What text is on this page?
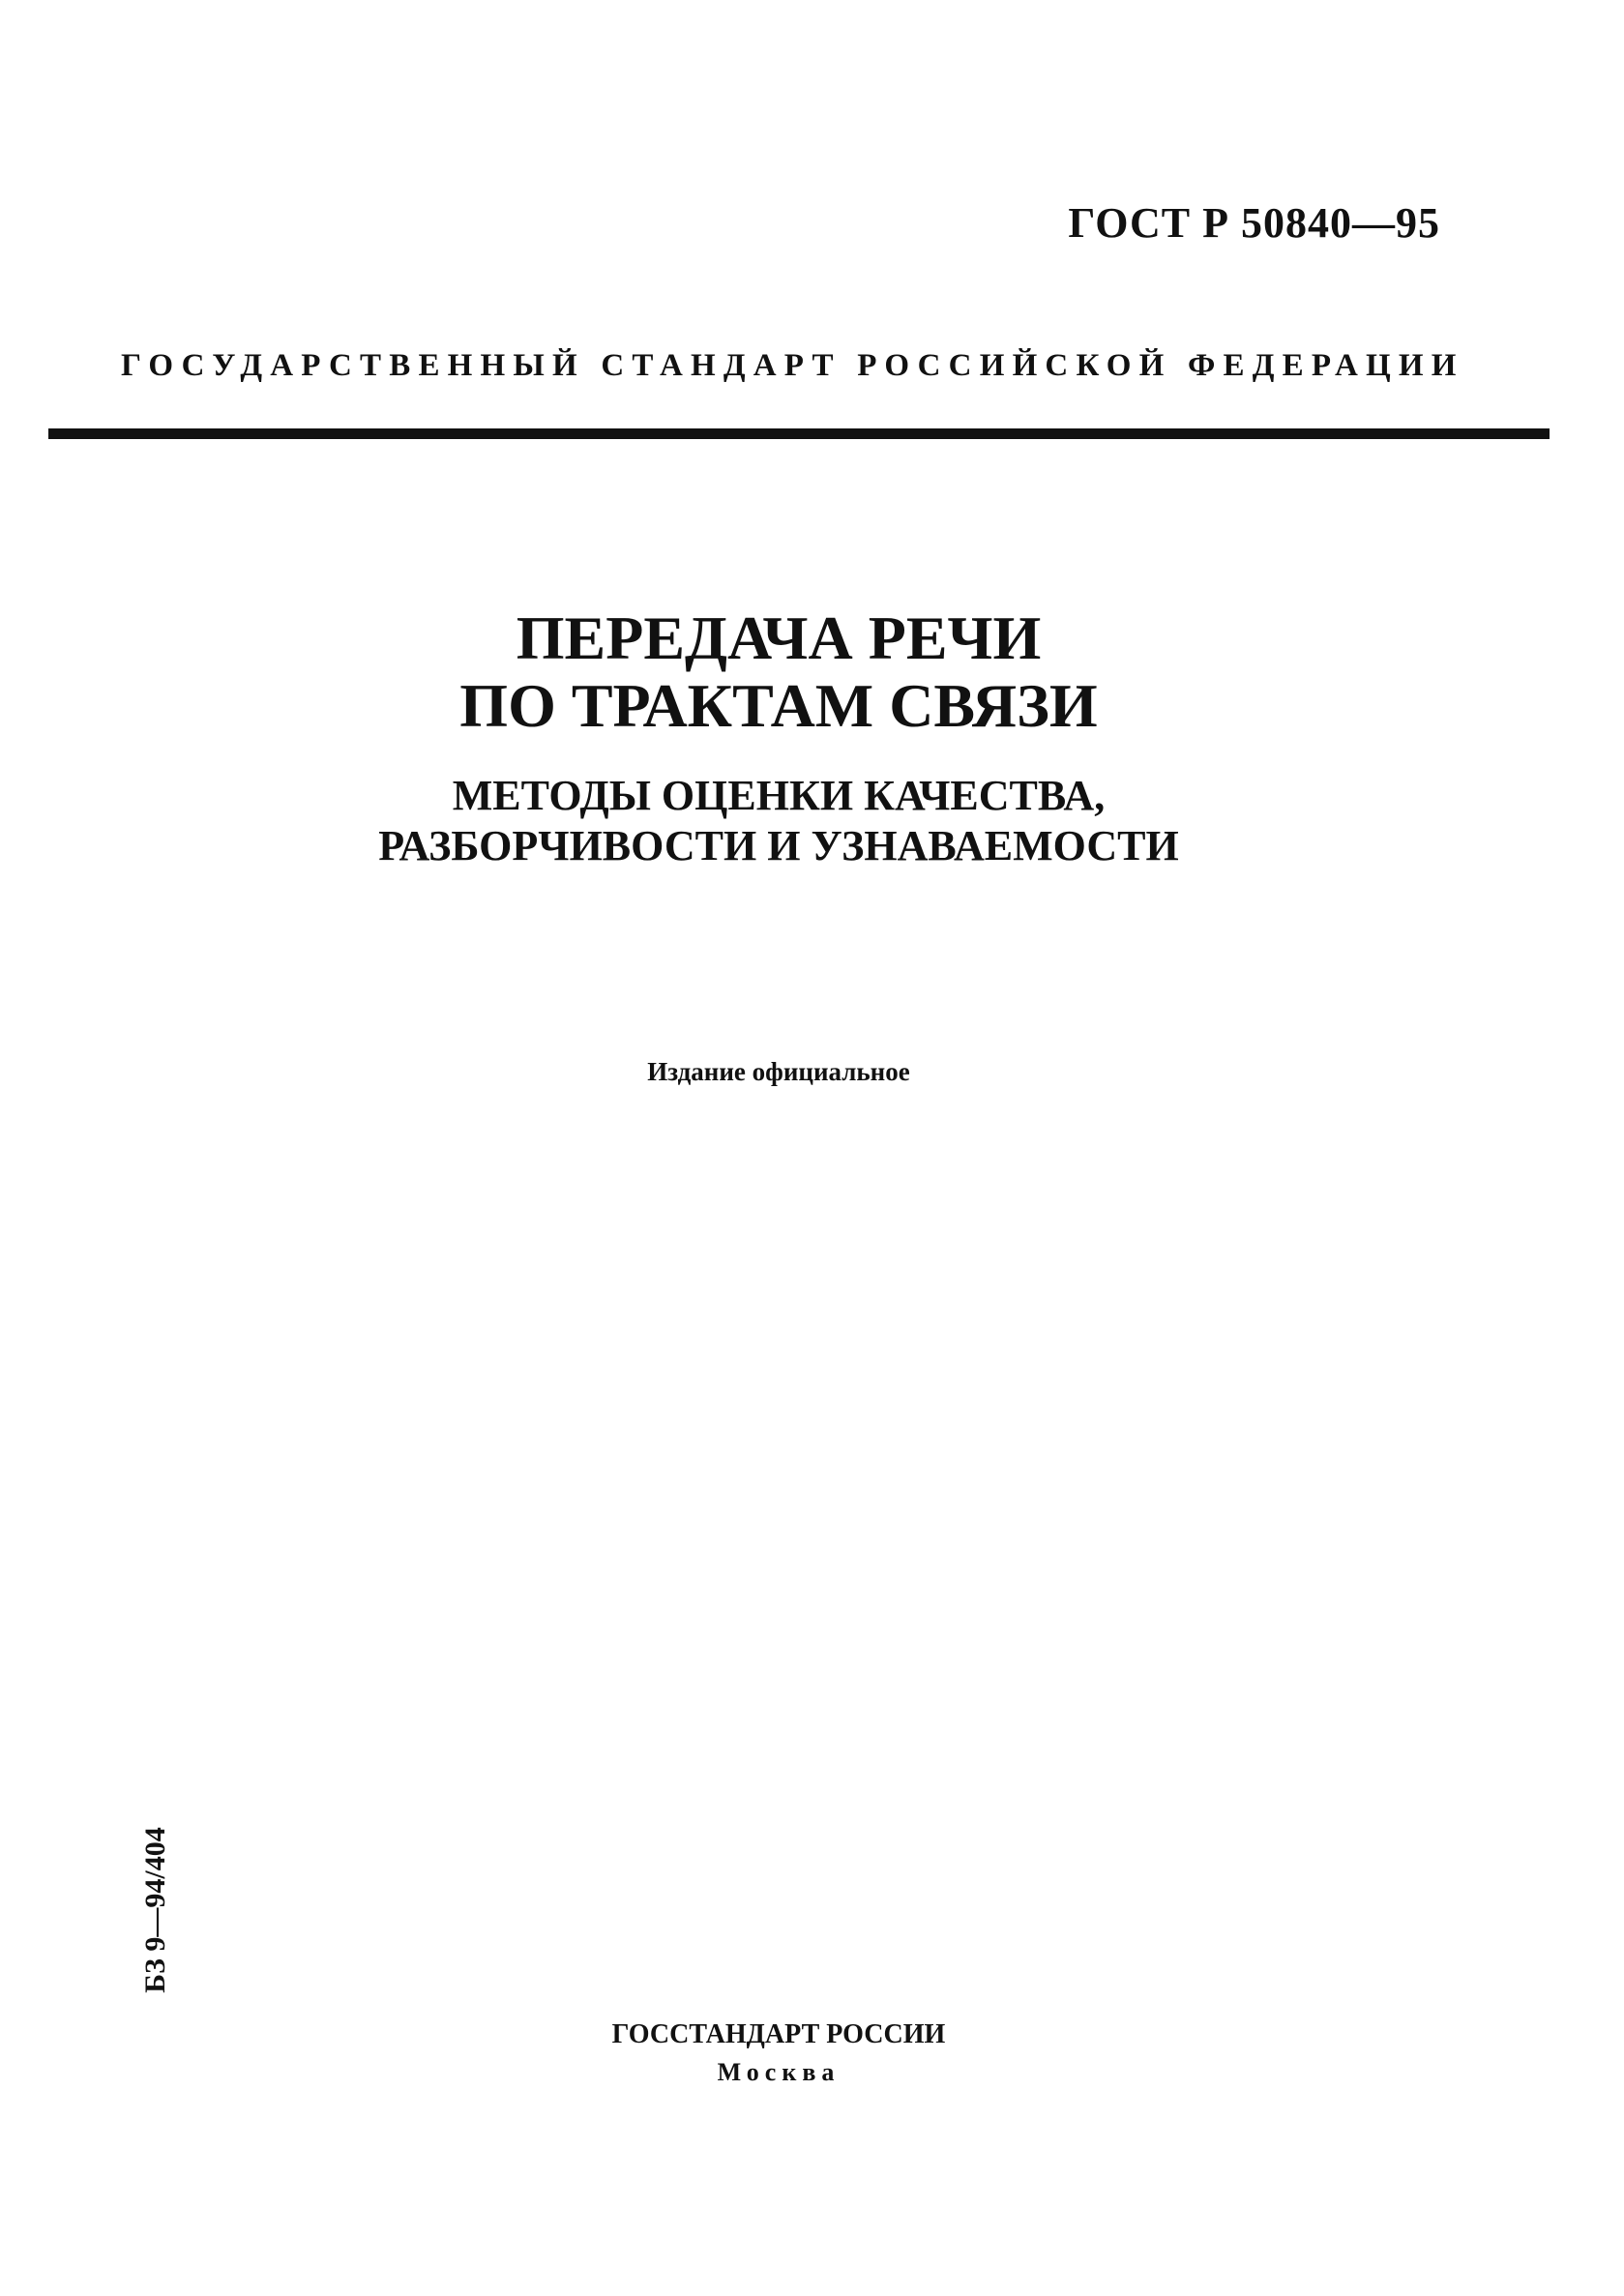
ГОСТ Р 50840—95
ГОСУДАРСТВЕННЫЙ СТАНДАРТ РОССИЙСКОЙ ФЕДЕРАЦИИ
ПЕРЕДАЧА РЕЧИ
ПО ТРАКТАМ СВЯЗИ
МЕТОДЫ ОЦЕНКИ КАЧЕСТВА,
РАЗБОРЧИВОСТИ И УЗНАВАЕМОСТИ
Издание официальное
БЗ 9—94/404
ГОССТАНДАРТ РОССИИ
Москва
